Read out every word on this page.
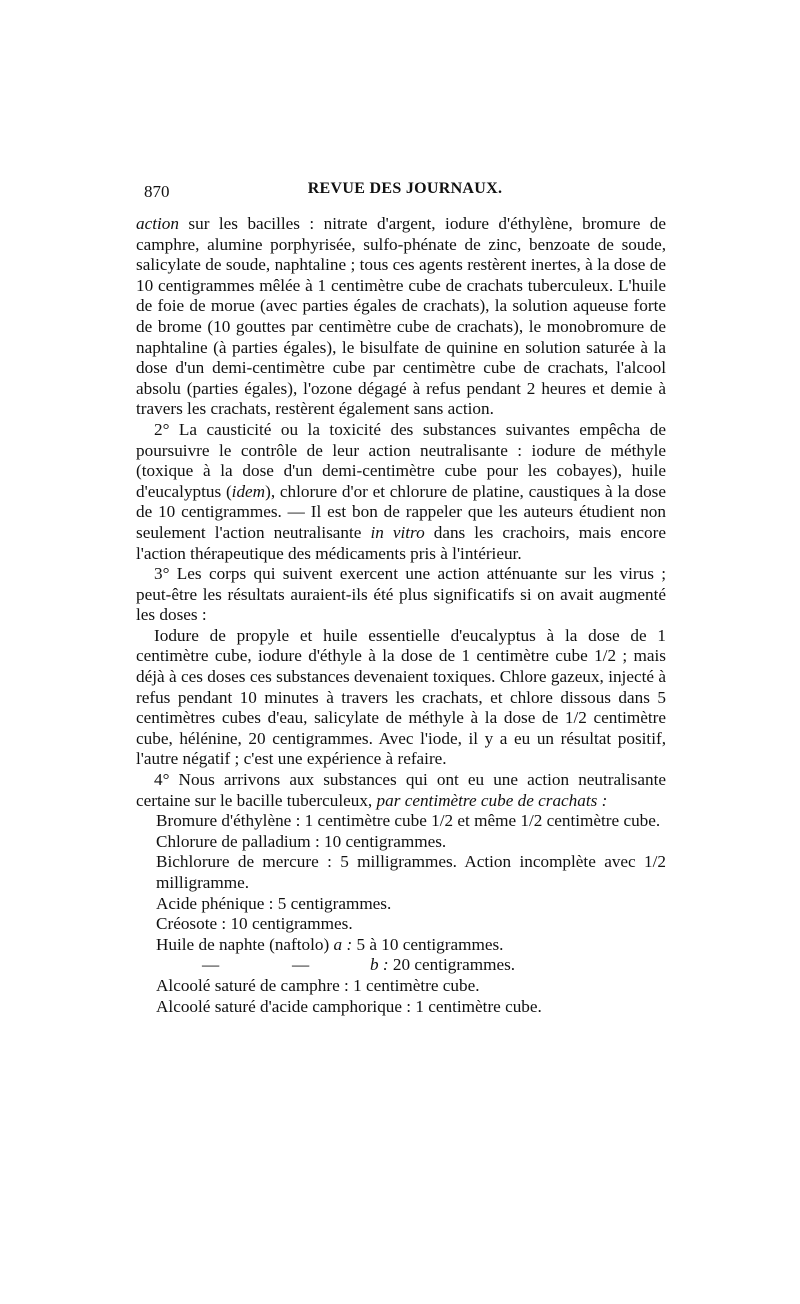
870	REVUE DES JOURNAUX.

action sur les bacilles : nitrate d'argent, iodure d'éthylène, bromure de camphre, alumine porphyrisée, sulfo-phénate de zinc, benzoate de soude, salicylate de soude, naphtaline ; tous ces agents restèrent inertes, à la dose de 10 centigrammes mêlée à 1 centimètre cube de crachats tuberculeux. L'huile de foie de morue (avec parties égales de crachats), la solution aqueuse forte de brome (10 gouttes par centimètre cube de crachats), le monobromure de naphtaline (à parties égales), le bisulfate de quinine en solution saturée à la dose d'un demi-centimètre cube par centimètre cube de crachats, l'alcool absolu (parties égales), l'ozone dégagé à refus pendant 2 heures et demie à travers les crachats, restèrent également sans action.

2° La causticité ou la toxicité des substances suivantes empêcha de poursuivre le contrôle de leur action neutralisante : iodure de méthyle (toxique à la dose d'un demi-centimètre cube pour les cobayes), huile d'eucalyptus (idem), chlorure d'or et chlorure de platine, caustiques à la dose de 10 centigrammes. — Il est bon de rappeler que les auteurs étudient non seulement l'action neutralisante in vitro dans les crachoirs, mais encore l'action thérapeutique des médicaments pris à l'intérieur.

3° Les corps qui suivent exercent une action atténuante sur les virus ; peut-être les résultats auraient-ils été plus significatifs si on avait augmenté les doses :

Iodure de propyle et huile essentielle d'eucalyptus à la dose de 1 centimètre cube, iodure d'éthyle à la dose de 1 centimètre cube 1/2 ; mais déjà à ces doses ces substances devenaient toxiques. Chlore gazeux, injecté à refus pendant 10 minutes à travers les crachats, et chlore dissous dans 5 centimètres cubes d'eau, salicylate de méthyle à la dose de 1/2 centimètre cube, hélénine, 20 centigrammes. Avec l'iode, il y a eu un résultat positif, l'autre négatif ; c'est une expérience à refaire.

4° Nous arrivons aux substances qui ont eu une action neutralisante certaine sur le bacille tuberculeux, par centimètre cube de crachats :

Bromure d'éthylène : 1 centimètre cube 1/2 et même 1/2 centimètre cube.

Chlorure de palladium : 10 centigrammes.

Bichlorure de mercure : 5 milligrammes. Action incomplète avec 1/2 milligramme.

Acide phénique : 5 centigrammes.

Créosote : 10 centigrammes.

Huile de naphte (naftolo) a : 5 à 10 centigrammes.

—	—	b : 20 centigrammes.

Alcoolé saturé de camphre : 1 centimètre cube.

Alcoolé saturé d'acide camphorique : 1 centimètre cube.
